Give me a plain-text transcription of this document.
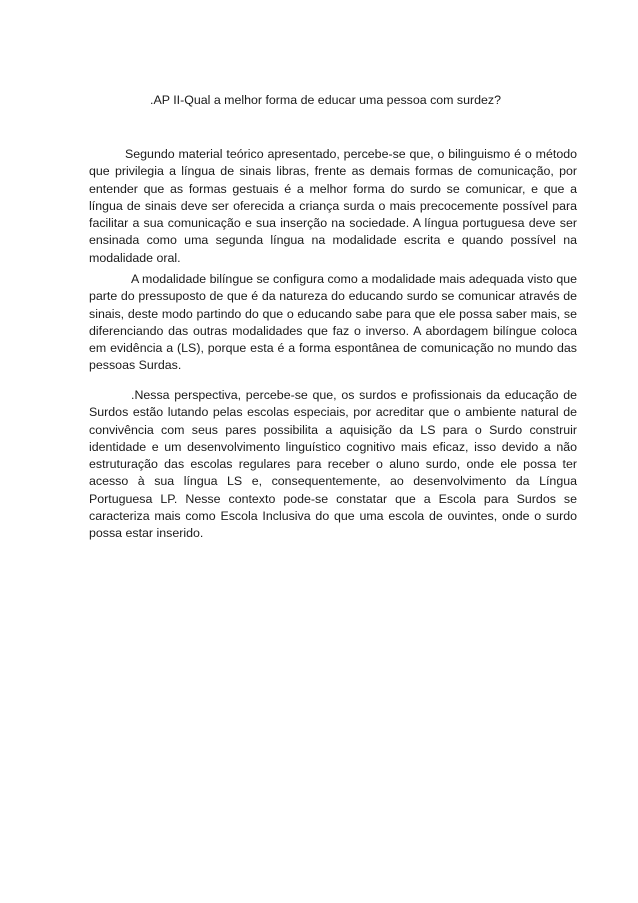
.AP II-Qual a melhor forma de educar uma pessoa com surdez?

Segundo material teórico apresentado, percebe-se que, o bilinguismo é o método que privilegia a língua de sinais libras, frente as demais formas de comunicação, por entender que as formas gestuais é a melhor forma do surdo se comunicar, e que a língua de sinais deve ser oferecida a criança surda o mais precocemente possível para facilitar a sua comunicação e sua inserção na sociedade. A língua portuguesa deve ser ensinada como uma segunda língua na modalidade escrita e quando possível na modalidade oral.

A modalidade bilíngue se configura como a modalidade mais adequada visto que parte do pressuposto de que é da natureza do educando surdo se comunicar através de sinais, deste modo partindo do que o educando sabe para que ele possa saber mais, se diferenciando das outras modalidades que faz o inverso. A abordagem bilíngue coloca em evidência a (LS), porque esta é a forma espontânea de comunicação no mundo das pessoas Surdas.

.Nessa perspectiva, percebe-se que, os surdos e profissionais da educação de Surdos estão lutando pelas escolas especiais, por acreditar que o ambiente natural de convivência com seus pares possibilita a aquisição da LS para o Surdo construir identidade e um desenvolvimento linguístico cognitivo mais eficaz, isso devido a não estruturação das escolas regulares para receber o aluno surdo, onde ele possa ter acesso à sua língua LS e, consequentemente, ao desenvolvimento da Língua Portuguesa LP. Nesse contexto pode-se constatar que a Escola para Surdos se caracteriza mais como Escola Inclusiva do que uma escola de ouvintes, onde o surdo possa estar inserido.
